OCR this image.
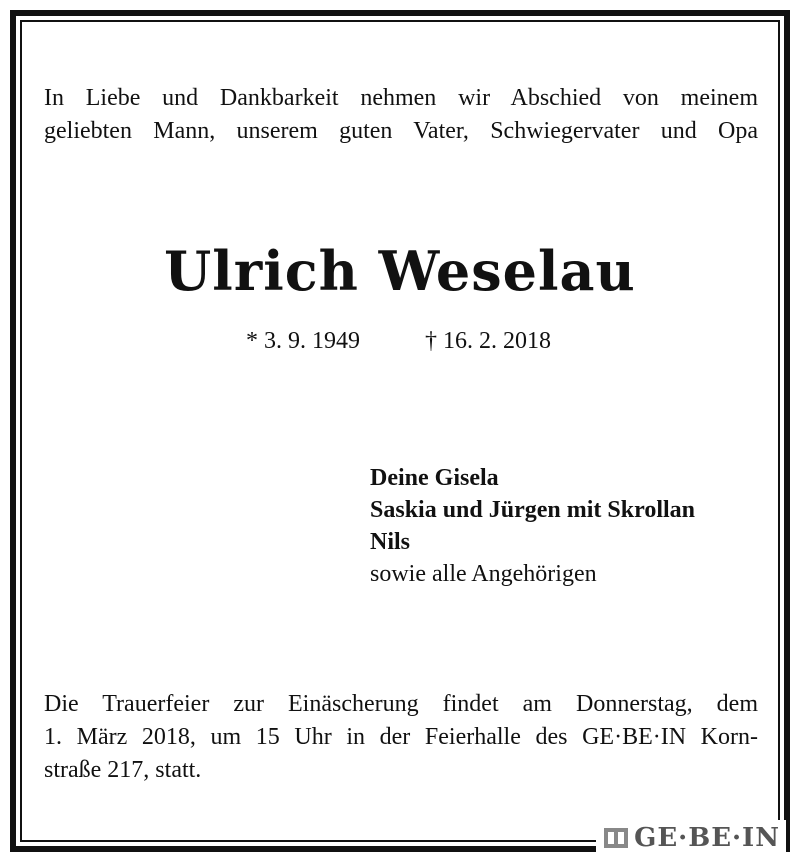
In Liebe und Dankbarkeit nehmen wir Abschied von meinem
geliebten Mann, unserem guten Vater, Schwiegervater und Opa
Ulrich Weselau
* 3. 9. 1949	† 16. 2. 2018
Deine Gisela
Saskia und Jürgen mit Skrollan
Nils
sowie alle Angehörigen
Die Trauerfeier zur Einäscherung findet am Donnerstag, dem
1. März 2018, um 15 Uhr in der Feierhalle des GE·BE·IN Korn-
straße 217, statt.
GE·BE·IN
